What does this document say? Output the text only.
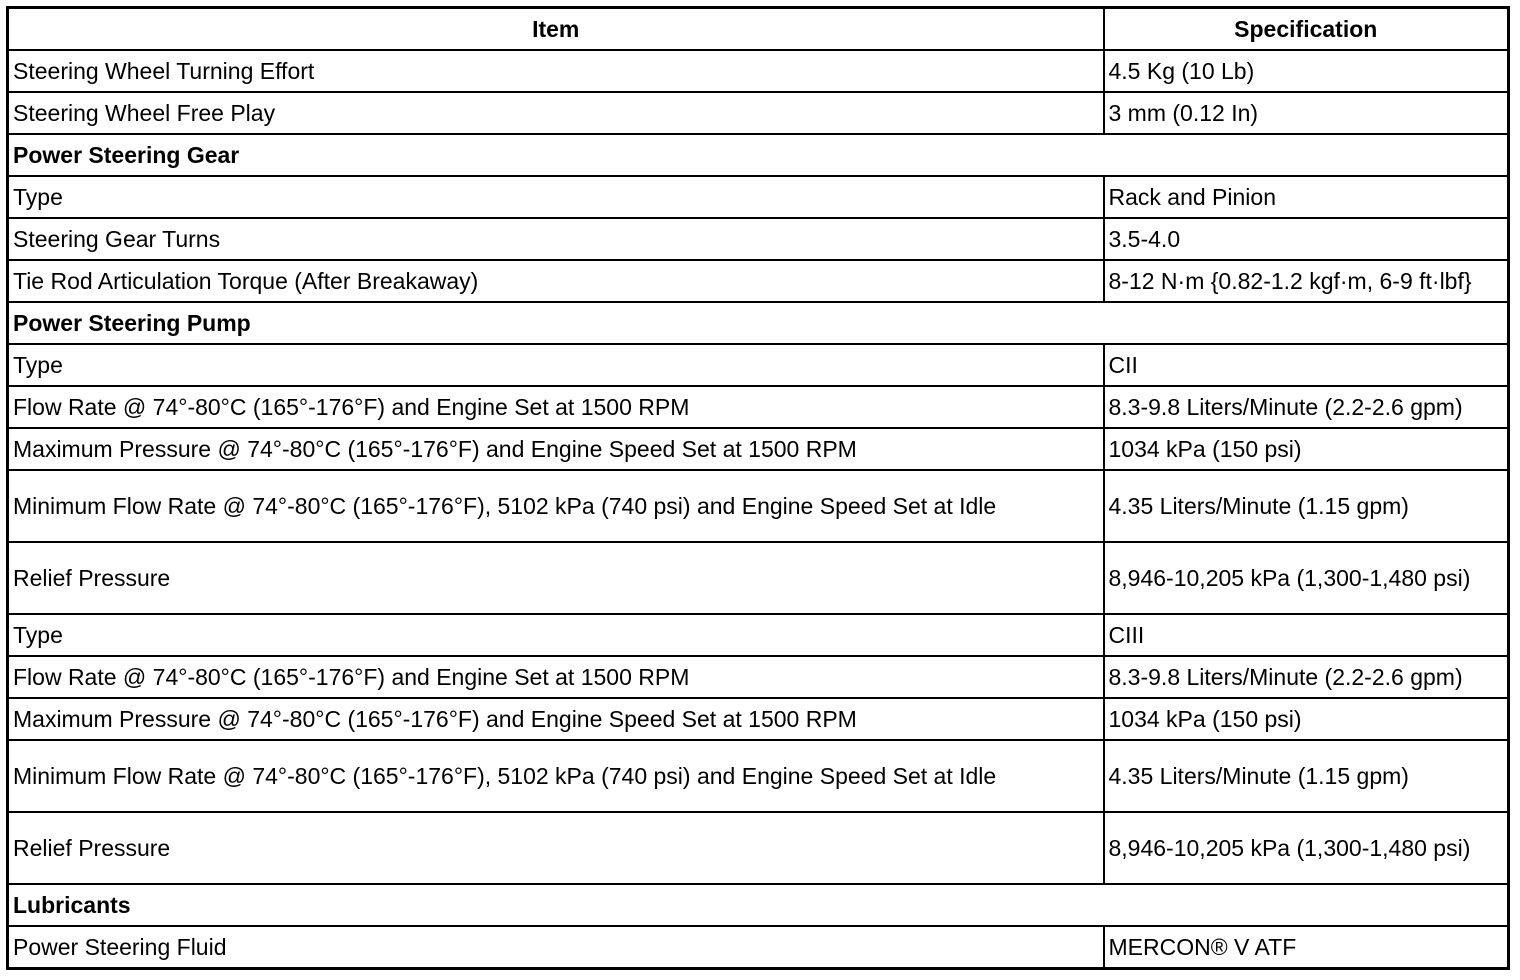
Item	Specification
Steering Wheel Turning Effort	4.5 Kg (10 Lb)
Steering Wheel Free Play	3 mm (0.12 In)
Power Steering Gear	
Type	Rack and Pinion
Steering Gear Turns	3.5-4.0
Tie Rod Articulation Torque (After Breakaway)	8-12 N·m {0.82-1.2 kgf·m, 6-9 ft·lbf}
Power Steering Pump	
Type	CII
Flow Rate @ 74°-80°C (165°-176°F) and Engine Set at 1500 RPM	8.3-9.8 Liters/Minute (2.2-2.6 gpm)
Maximum Pressure @ 74°-80°C (165°-176°F) and Engine Speed Set at 1500 RPM	1034 kPa (150 psi)
Minimum Flow Rate @ 74°-80°C (165°-176°F), 5102 kPa (740 psi) and Engine Speed Set at Idle	4.35 Liters/Minute (1.15 gpm)
Relief Pressure	8,946-10,205 kPa (1,300-1,480 psi)
Type	CIII
Flow Rate @ 74°-80°C (165°-176°F) and Engine Set at 1500 RPM	8.3-9.8 Liters/Minute (2.2-2.6 gpm)
Maximum Pressure @ 74°-80°C (165°-176°F) and Engine Speed Set at 1500 RPM	1034 kPa (150 psi)
Minimum Flow Rate @ 74°-80°C (165°-176°F), 5102 kPa (740 psi) and Engine Speed Set at Idle	4.35 Liters/Minute (1.15 gpm)
Relief Pressure	8,946-10,205 kPa (1,300-1,480 psi)
Lubricants	
Power Steering Fluid	MERCON® V ATF
